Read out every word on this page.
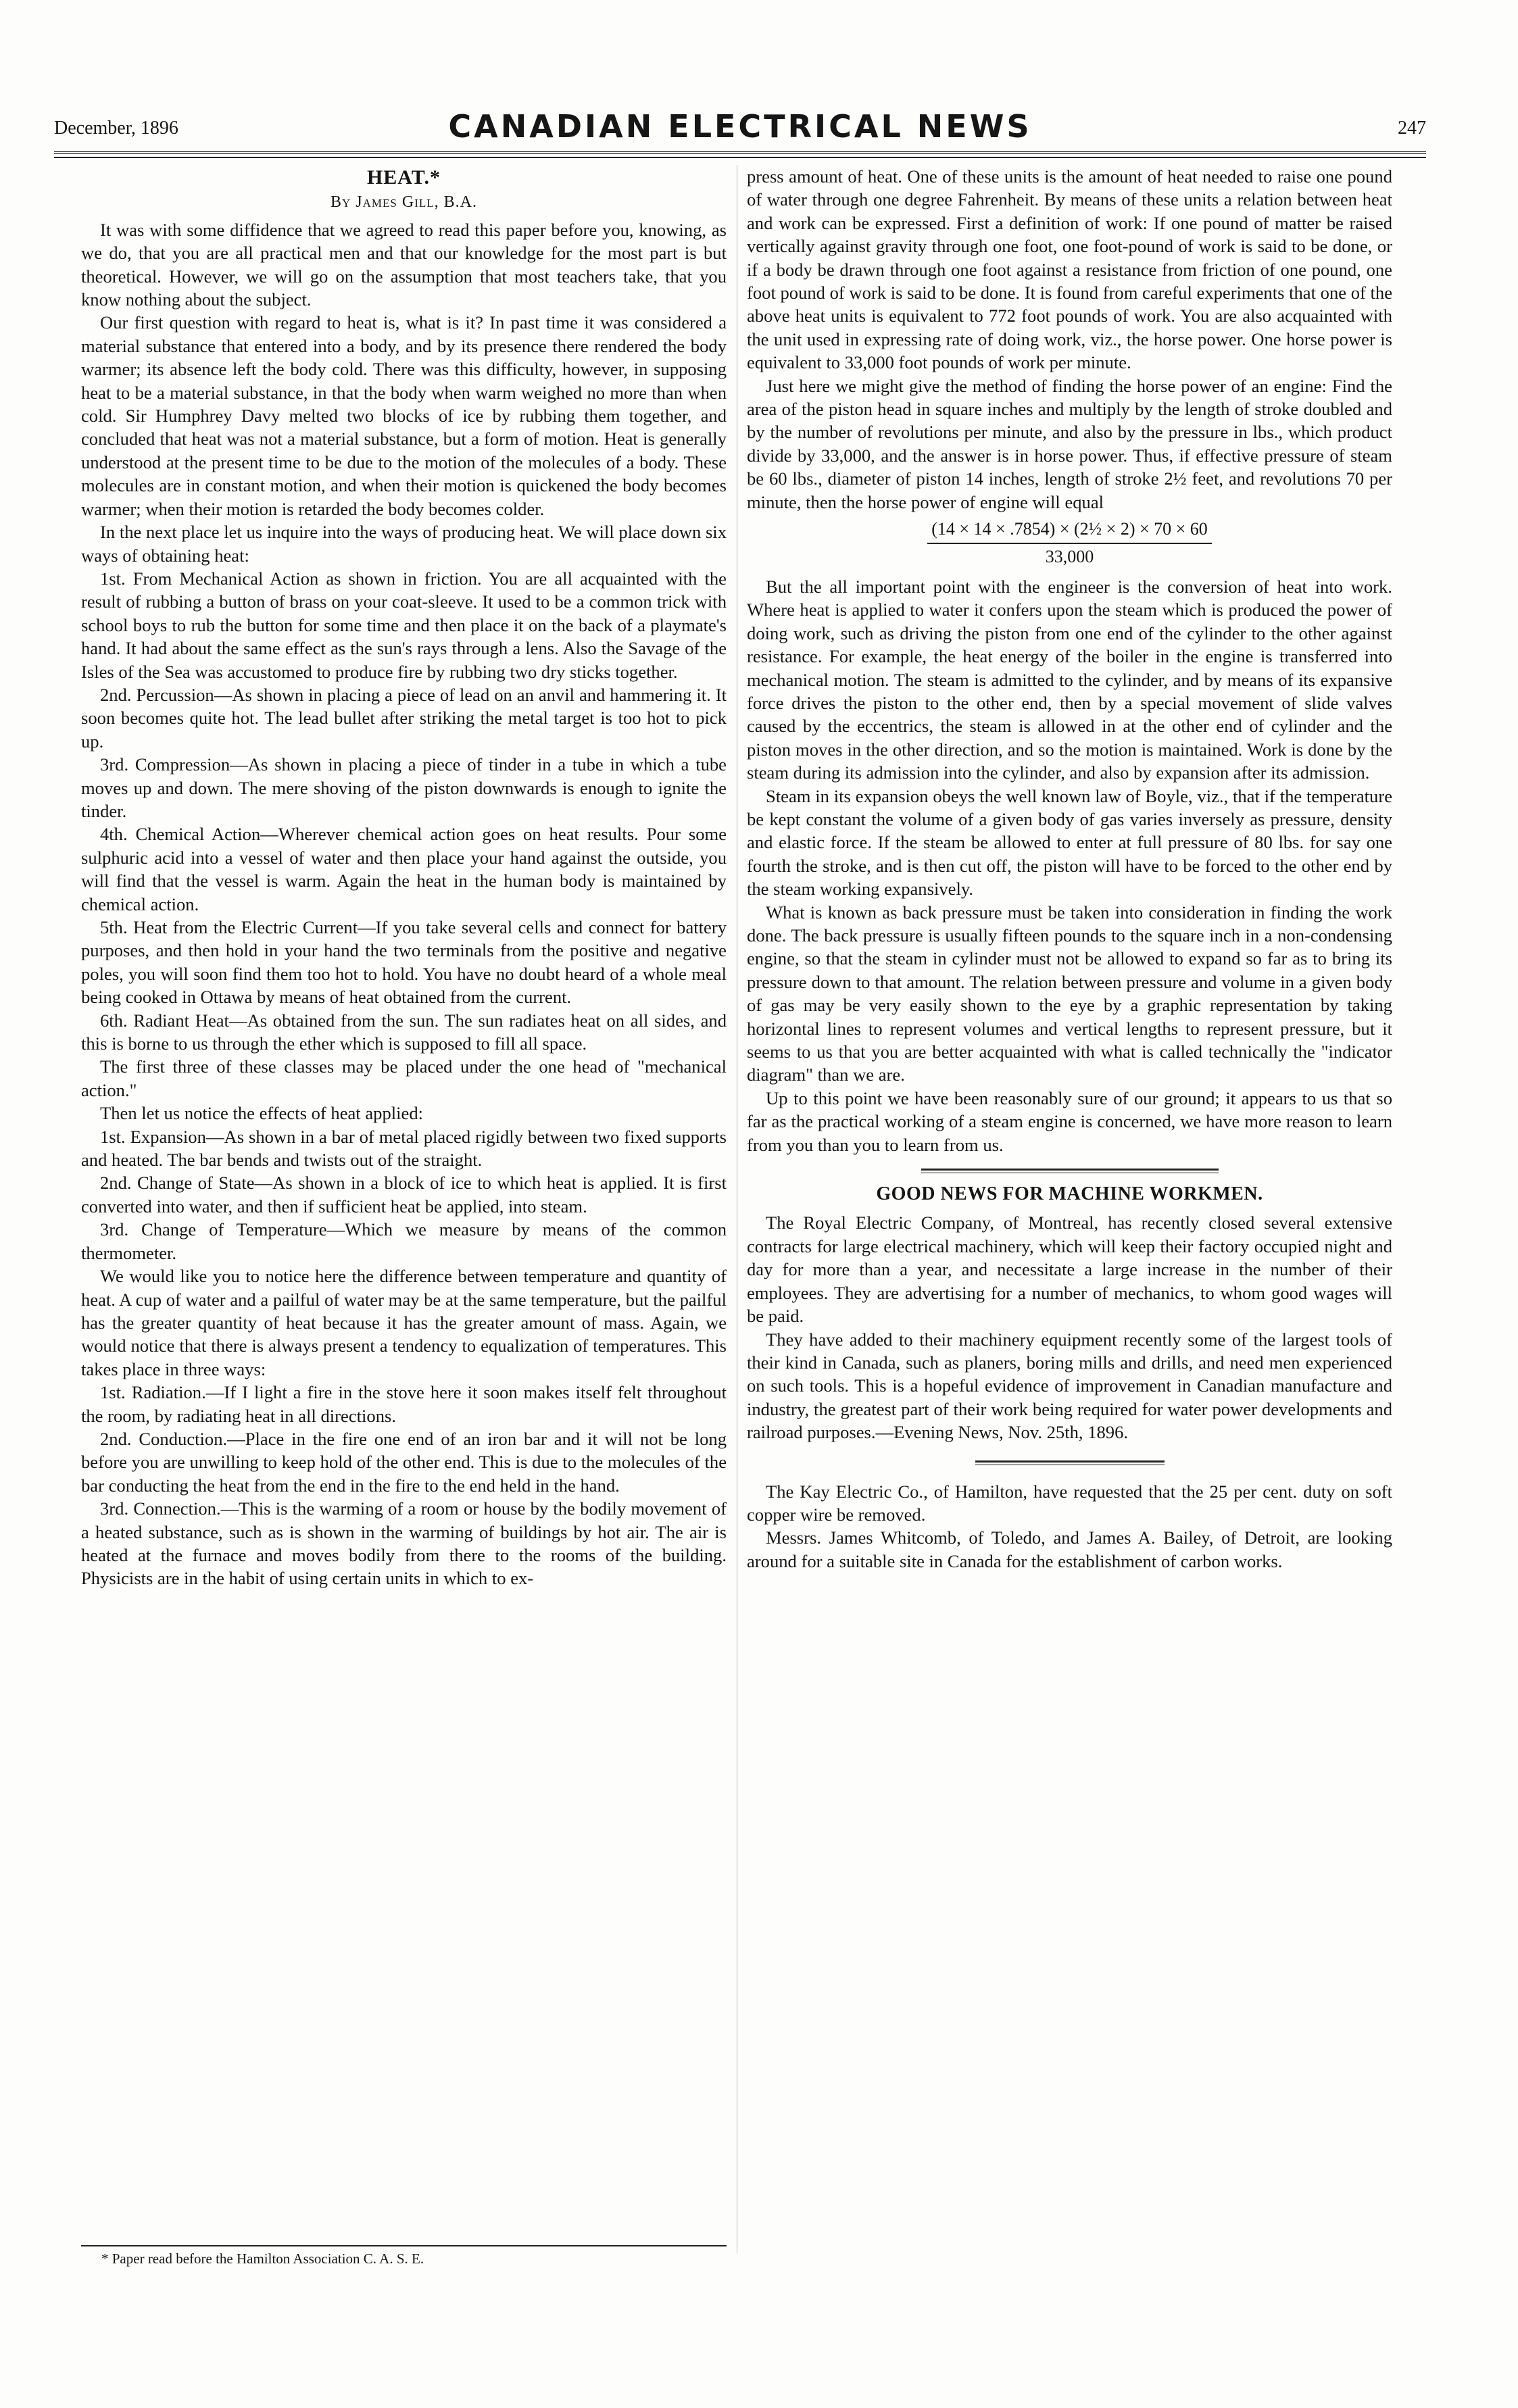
December, 1896	CANADIAN ELECTRICAL NEWS	247
HEAT.*
By James Gill, B.A.

It was with some diffidence that we agreed to read this paper before you, knowing, as we do, that you are all practical men and that our knowledge for the most part is but theoretical. However, we will go on the assumption that most teachers take, that you know nothing about the subject.

Our first question with regard to heat is, what is it? In past time it was considered a material substance that entered into a body, and by its presence there rendered the body warmer; its absence left the body cold. There was this difficulty, however, in supposing heat to be a material substance, in that the body when warm weighed no more than when cold. Sir Humphrey Davy melted two blocks of ice by rubbing them together, and concluded that heat was not a material substance, but a form of motion. Heat is generally understood at the present time to be due to the motion of the molecules of a body. These molecules are in constant motion, and when their motion is quickened the body becomes warmer; when their motion is retarded the body becomes colder.

In the next place let us inquire into the ways of producing heat. We will place down six ways of obtaining heat:

1st. From Mechanical Action as shown in friction. You are all acquainted with the result of rubbing a button of brass on your coat-sleeve. It used to be a common trick with school boys to rub the button for some time and then place it on the back of a playmate's hand. It had about the same effect as the sun's rays through a lens. Also the Savage of the Isles of the Sea was accustomed to produce fire by rubbing two dry sticks together.

2nd. Percussion—As shown in placing a piece of lead on an anvil and hammering it. It soon becomes quite hot. The lead bullet after striking the metal target is too hot to pick up.

3rd. Compression—As shown in placing a piece of tinder in a tube in which a tube moves up and down. The mere shoving of the piston downwards is enough to ignite the tinder.

4th. Chemical Action—Wherever chemical action goes on heat results. Pour some sulphuric acid into a vessel of water and then place your hand against the outside, you will find that the vessel is warm. Again the heat in the human body is maintained by chemical action.

5th. Heat from the Electric Current—If you take several cells and connect for battery purposes, and then hold in your hand the two terminals from the positive and negative poles, you will soon find them too hot to hold. You have no doubt heard of a whole meal being cooked in Ottawa by means of heat obtained from the current.

6th. Radiant Heat—As obtained from the sun. The sun radiates heat on all sides, and this is borne to us through the ether which is supposed to fill all space.

The first three of these classes may be placed under the one head of "mechanical action."

Then let us notice the effects of heat applied:

1st. Expansion—As shown in a bar of metal placed rigidly between two fixed supports and heated. The bar bends and twists out of the straight.

2nd. Change of State—As shown in a block of ice to which heat is applied. It is first converted into water, and then if sufficient heat be applied, into steam.

3rd. Change of Temperature—Which we measure by means of the common thermometer.

We would like you to notice here the difference between temperature and quantity of heat. A cup of water and a pailful of water may be at the same temperature, but the pailful has the greater quantity of heat because it has the greater amount of mass. Again, we would notice that there is always present a tendency to equalization of temperatures. This takes place in three ways:

1st. Radiation.—If I light a fire in the stove here it soon makes itself felt throughout the room, by radiating heat in all directions.

2nd. Conduction.—Place in the fire one end of an iron bar and it will not be long before you are unwilling to keep hold of the other end. This is due to the molecules of the bar conducting the heat from the end in the fire to the end held in the hand.

3rd. Connection.—This is the warming of a room or house by the bodily movement of a heated substance, such as is shown in the warming of buildings by hot air. The air is heated at the furnace and moves bodily from there to the rooms of the building. Physicists are in the habit of using certain units in which to ex-

* Paper read before the Hamilton Association C. A. S. E.

press amount of heat. One of these units is the amount of heat needed to raise one pound of water through one degree Fahrenheit. By means of these units a relation between heat and work can be expressed. First a definition of work: If one pound of matter be raised vertically against gravity through one foot, one foot-pound of work is said to be done, or if a body be drawn through one foot against a resistance from friction of one pound, one foot pound of work is said to be done. It is found from careful experiments that one of the above heat units is equivalent to 772 foot pounds of work. You are also acquainted with the unit used in expressing rate of doing work, viz., the horse power. One horse power is equivalent to 33,000 foot pounds of work per minute.

Just here we might give the method of finding the horse power of an engine: Find the area of the piston head in square inches and multiply by the length of stroke doubled and by the number of revolutions per minute, and also by the pressure in lbs., which product divide by 33,000, and the answer is in horse power. Thus, if effective pressure of steam be 60 lbs., diameter of piston 14 inches, length of stroke 2½ feet, and revolutions 70 per minute, then the horse power of engine will equal

(14 × 14 × .7854) × (2½ × 2) × 70 × 60
33,000

But the all important point with the engineer is the conversion of heat into work. Where heat is applied to water it confers upon the steam which is produced the power of doing work, such as driving the piston from one end of the cylinder to the other against resistance. For example, the heat energy of the boiler in the engine is transferred into mechanical motion. The steam is admitted to the cylinder, and by means of its expansive force drives the piston to the other end, then by a special movement of slide valves caused by the eccentrics, the steam is allowed in at the other end of cylinder and the piston moves in the other direction, and so the motion is maintained. Work is done by the steam during its admission into the cylinder, and also by expansion after its admission.

Steam in its expansion obeys the well known law of Boyle, viz., that if the temperature be kept constant the volume of a given body of gas varies inversely as pressure, density and elastic force. If the steam be allowed to enter at full pressure of 80 lbs. for say one fourth the stroke, and is then cut off, the piston will have to be forced to the other end by the steam working expansively.

What is known as back pressure must be taken into consideration in finding the work done. The back pressure is usually fifteen pounds to the square inch in a non-condensing engine, so that the steam in cylinder must not be allowed to expand so far as to bring its pressure down to that amount. The relation between pressure and volume in a given body of gas may be very easily shown to the eye by a graphic representation by taking horizontal lines to represent volumes and vertical lengths to represent pressure, but it seems to us that you are better acquainted with what is called technically the "indicator diagram" than we are.

Up to this point we have been reasonably sure of our ground; it appears to us that so far as the practical working of a steam engine is concerned, we have more reason to learn from you than you to learn from us.

GOOD NEWS FOR MACHINE WORKMEN.

The Royal Electric Company, of Montreal, has recently closed several extensive contracts for large electrical machinery, which will keep their factory occupied night and day for more than a year, and necessitate a large increase in the number of their employees. They are advertising for a number of mechanics, to whom good wages will be paid.

They have added to their machinery equipment recently some of the largest tools of their kind in Canada, such as planers, boring mills and drills, and need men experienced on such tools. This is a hopeful evidence of improvement in Canadian manufacture and industry, the greatest part of their work being required for water power developments and railroad purposes.—Evening News, Nov. 25th, 1896.

The Kay Electric Co., of Hamilton, have requested that the 25 per cent. duty on soft copper wire be removed.

Messrs. James Whitcomb, of Toledo, and James A. Bailey, of Detroit, are looking around for a suitable site in Canada for the establishment of carbon works.
